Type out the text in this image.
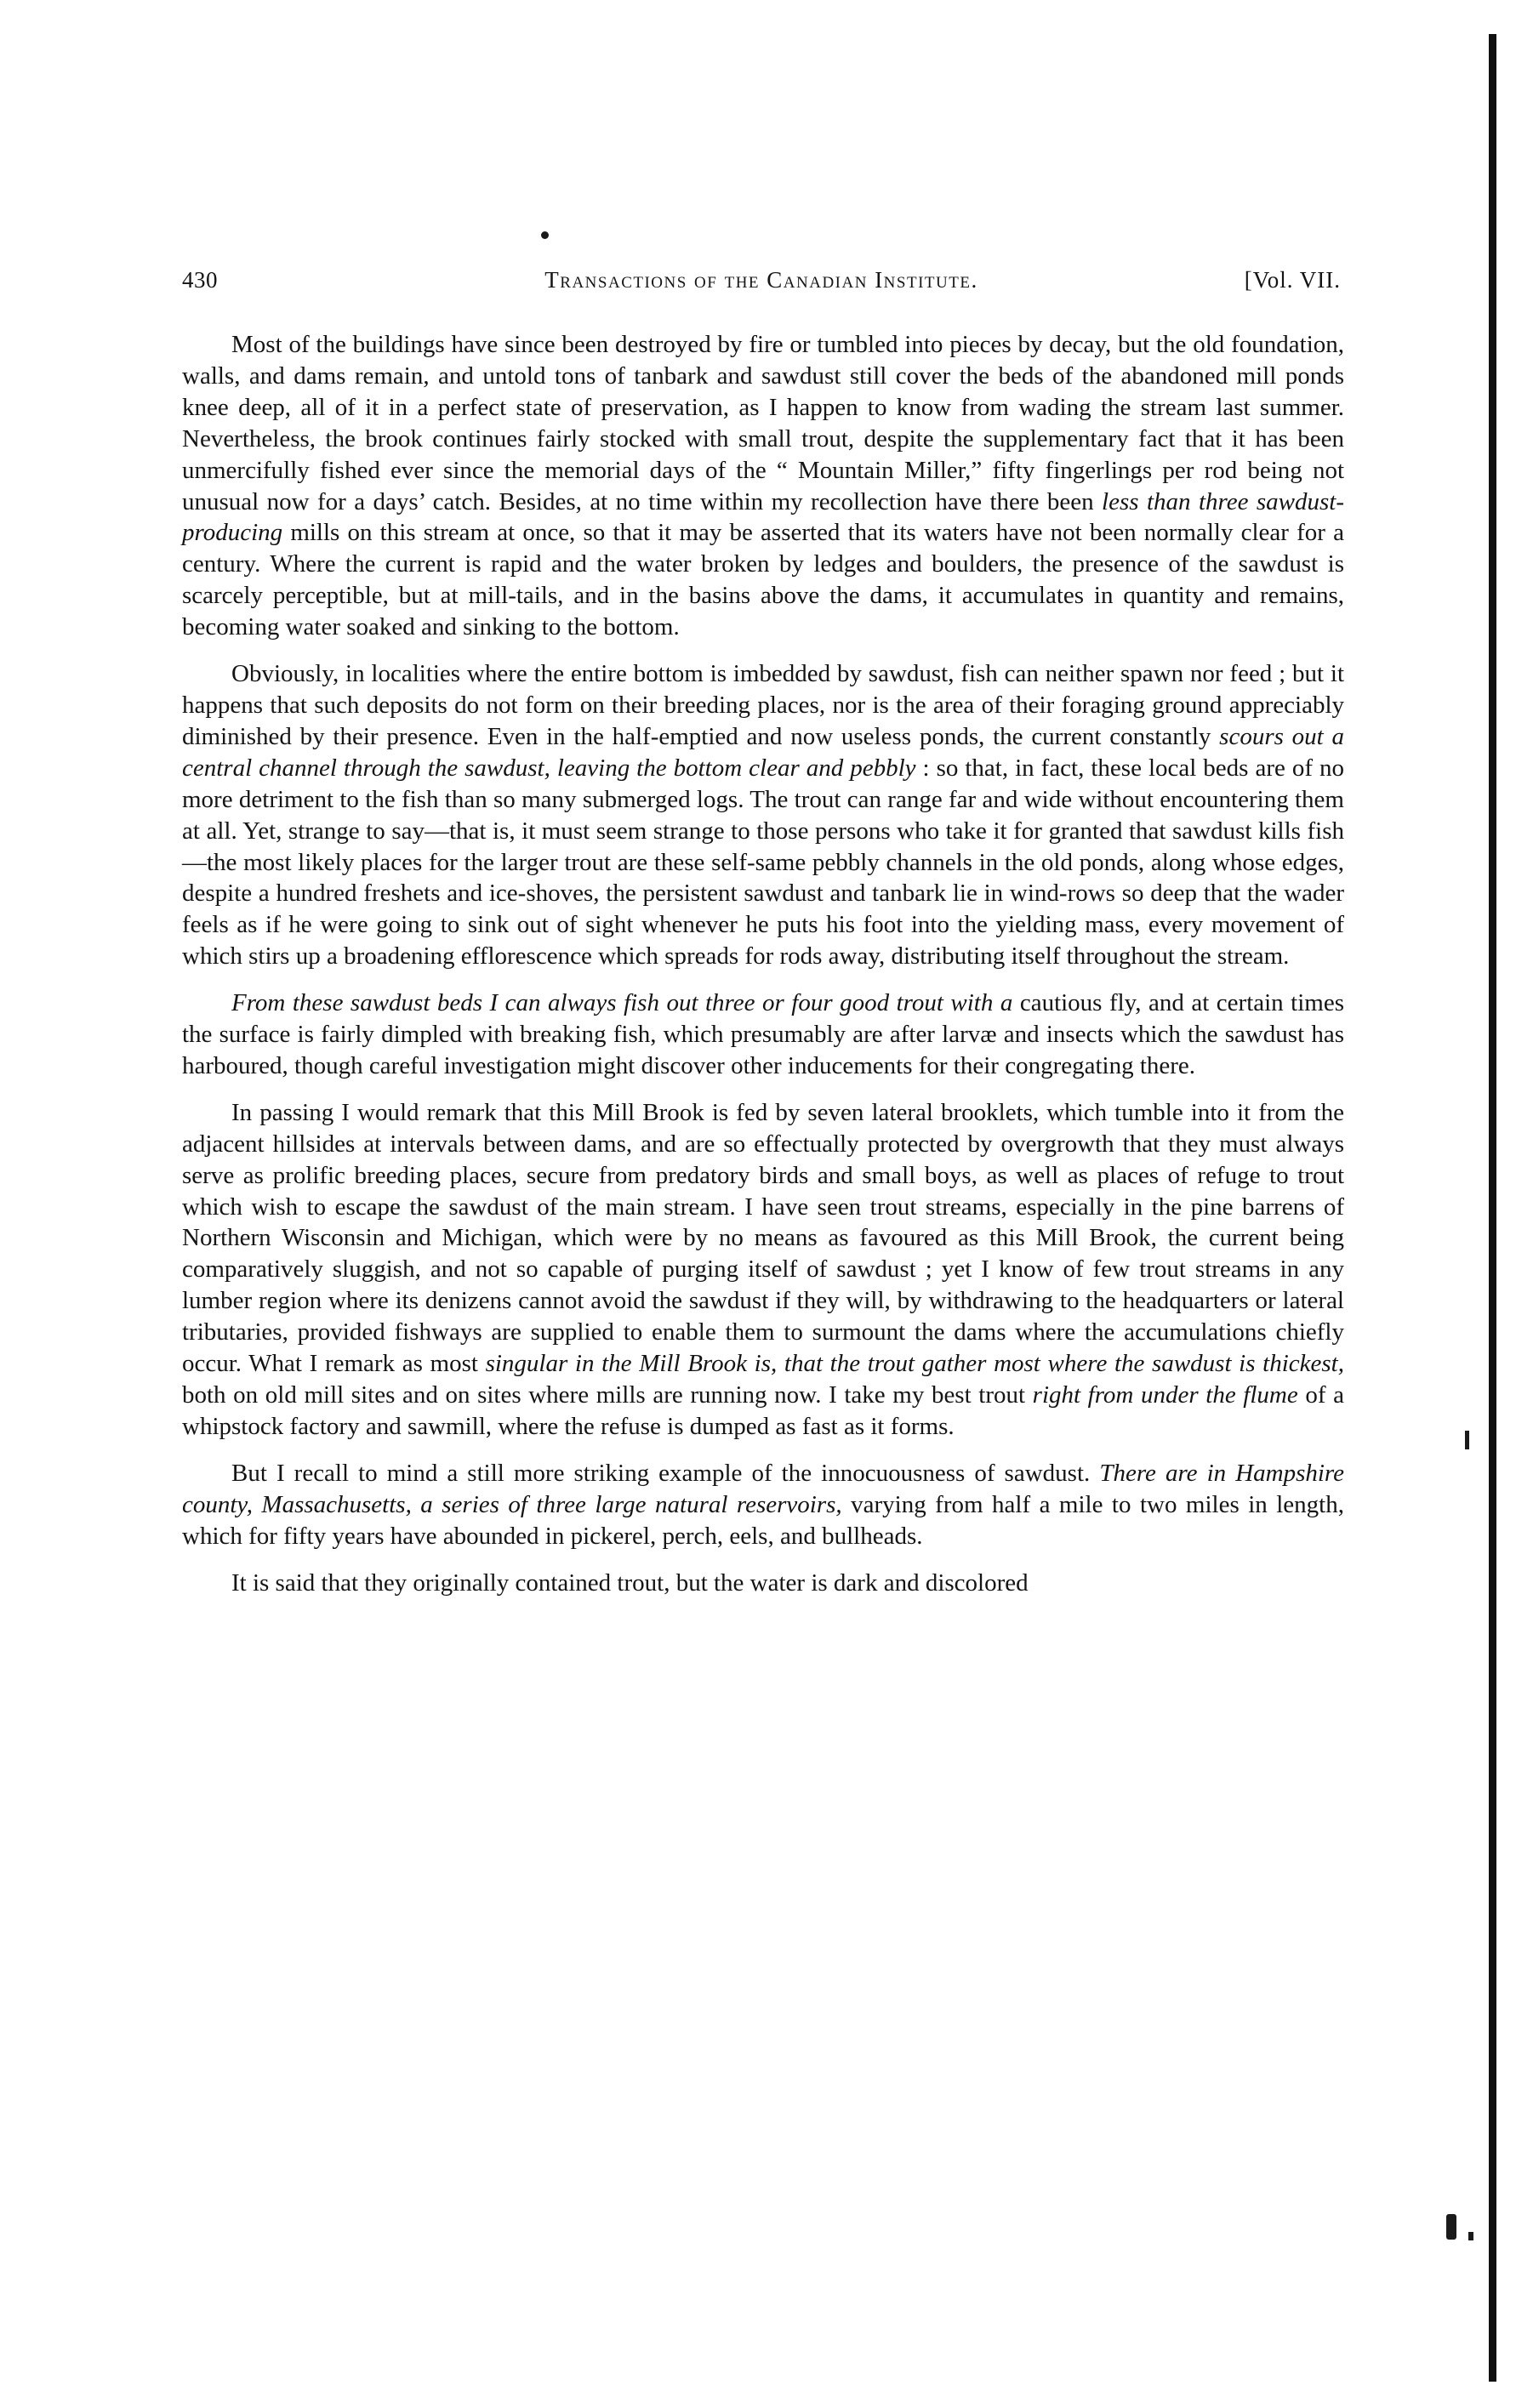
430	Transactions of the Canadian Institute.	[Vol. VII.

Most of the buildings have since been destroyed by fire or tumbled into pieces by decay, but the old foundation, walls, and dams remain, and untold tons of tanbark and sawdust still cover the beds of the abandoned mill ponds knee deep, all of it in a perfect state of preservation, as I happen to know from wading the stream last summer. Nevertheless, the brook continues fairly stocked with small trout, despite the supplementary fact that it has been unmercifully fished ever since the memorial days of the “ Mountain Miller,” fifty fingerlings per rod being not unusual now for a days’ catch. Besides, at no time within my recollection have there been less than three sawdust-producing mills on this stream at once, so that it may be asserted that its waters have not been normally clear for a century. Where the current is rapid and the water broken by ledges and boulders, the presence of the sawdust is scarcely perceptible, but at mill-tails, and in the basins above the dams, it accumulates in quantity and remains, becoming water soaked and sinking to the bottom.

Obviously, in localities where the entire bottom is imbedded by sawdust, fish can neither spawn nor feed ; but it happens that such deposits do not form on their breeding places, nor is the area of their foraging ground appreciably diminished by their presence. Even in the half-emptied and now useless ponds, the current constantly scours out a central channel through the sawdust, leaving the bottom clear and pebbly : so that, in fact, these local beds are of no more detriment to the fish than so many submerged logs. The trout can range far and wide without encountering them at all. Yet, strange to say—that is, it must seem strange to those persons who take it for granted that sawdust kills fish—the most likely places for the larger trout are these self-same pebbly channels in the old ponds, along whose edges, despite a hundred freshets and ice-shoves, the persistent sawdust and tanbark lie in wind-rows so deep that the wader feels as if he were going to sink out of sight whenever he puts his foot into the yielding mass, every movement of which stirs up a broadening efflorescence which spreads for rods away, distributing itself throughout the stream.

From these sawdust beds I can always fish out three or four good trout with a cautious fly, and at certain times the surface is fairly dimpled with breaking fish, which presumably are after larvæ and insects which the sawdust has harboured, though careful investigation might discover other inducements for their congregating there.

In passing I would remark that this Mill Brook is fed by seven lateral brooklets, which tumble into it from the adjacent hillsides at intervals between dams, and are so effectually protected by overgrowth that they must always serve as prolific breeding places, secure from predatory birds and small boys, as well as places of refuge to trout which wish to escape the sawdust of the main stream. I have seen trout streams, especially in the pine barrens of Northern Wisconsin and Michigan, which were by no means as favoured as this Mill Brook, the current being comparatively sluggish, and not so capable of purging itself of sawdust ; yet I know of few trout streams in any lumber region where its denizens cannot avoid the sawdust if they will, by withdrawing to the headquarters or lateral tributaries, provided fishways are supplied to enable them to surmount the dams where the accumulations chiefly occur. What I remark as most singular in the Mill Brook is, that the trout gather most where the sawdust is thickest, both on old mill sites and on sites where mills are running now. I take my best trout right from under the flume of a whipstock factory and sawmill, where the refuse is dumped as fast as it forms.

But I recall to mind a still more striking example of the innocuousness of sawdust. There are in Hampshire county, Massachusetts, a series of three large natural reservoirs, varying from half a mile to two miles in length, which for fifty years have abounded in pickerel, perch, eels, and bullheads.

It is said that they originally contained trout, but the water is dark and discolored
